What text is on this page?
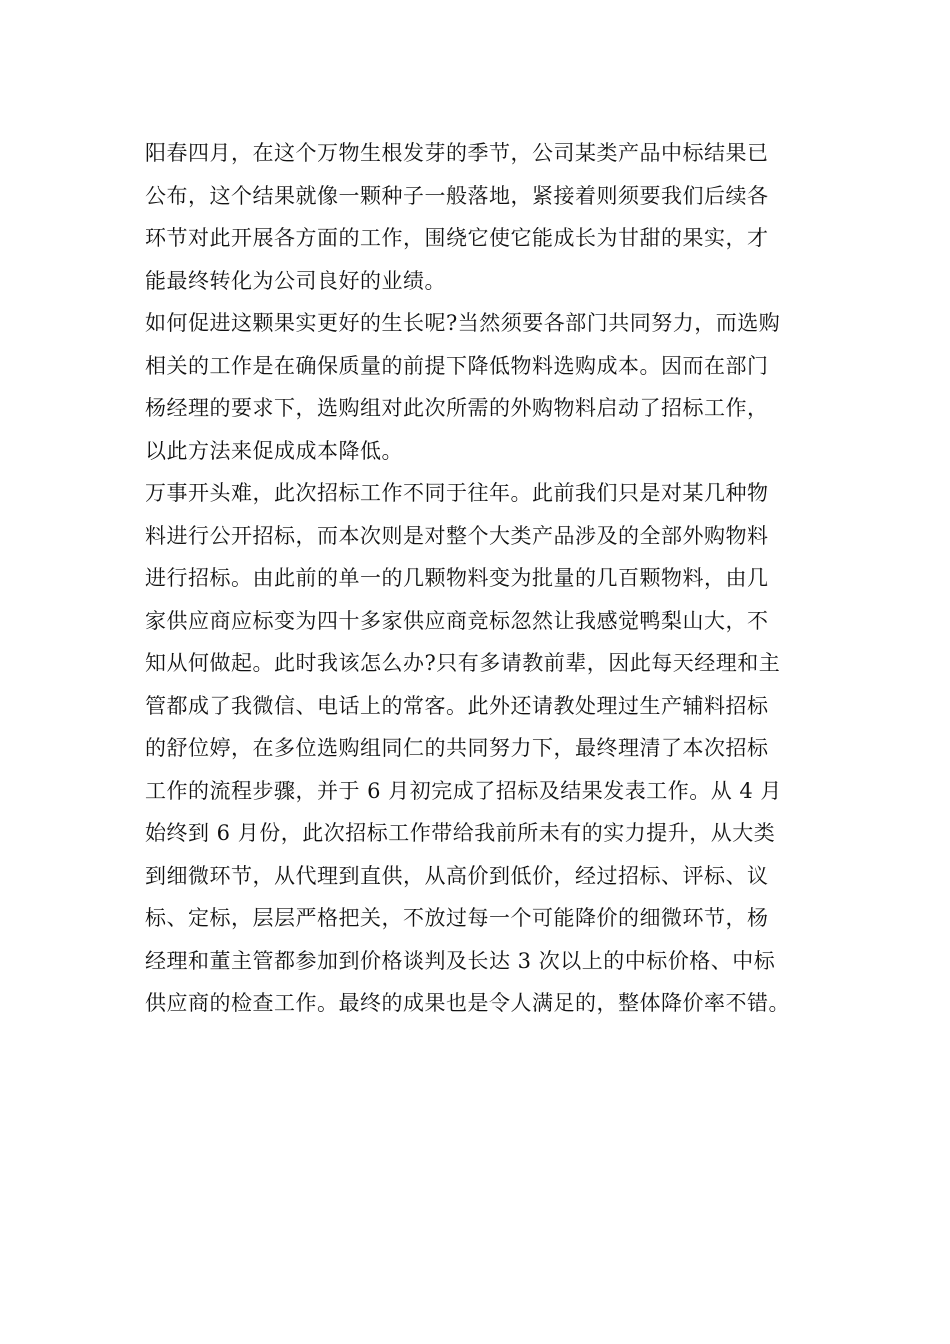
阳春四月，在这个万物生根发芽的季节，公司某类产品中标结果已
公布，这个结果就像一颗种子一般落地，紧接着则须要我们后续各
环节对此开展各方面的工作，围绕它使它能成长为甘甜的果实，才
能最终转化为公司良好的业绩。

如何促进这颗果实更好的生长呢?当然须要各部门共同努力，而选购
相关的工作是在确保质量的前提下降低物料选购成本。因而在部门
杨经理的要求下，选购组对此次所需的外购物料启动了招标工作，
以此方法来促成成本降低。

万事开头难，此次招标工作不同于往年。此前我们只是对某几种物
料进行公开招标，而本次则是对整个大类产品涉及的全部外购物料
进行招标。由此前的单一的几颗物料变为批量的几百颗物料，由几
家供应商应标变为四十多家供应商竞标忽然让我感觉鸭梨山大，不
知从何做起。此时我该怎么办?只有多请教前辈，因此每天经理和主
管都成了我微信、电话上的常客。此外还请教处理过生产辅料招标
的舒位婷，在多位选购组同仁的共同努力下，最终理清了本次招标
工作的流程步骤，并于 6 月初完成了招标及结果发表工作。从 4 月
始终到 6 月份，此次招标工作带给我前所未有的实力提升，从大类
到细微环节，从代理到直供，从高价到低价，经过招标、评标、议
标、定标，层层严格把关，不放过每一个可能降价的细微环节，杨
经理和董主管都参加到价格谈判及长达 3 次以上的中标价格、中标
供应商的检查工作。最终的成果也是令人满足的，整体降价率不错。
